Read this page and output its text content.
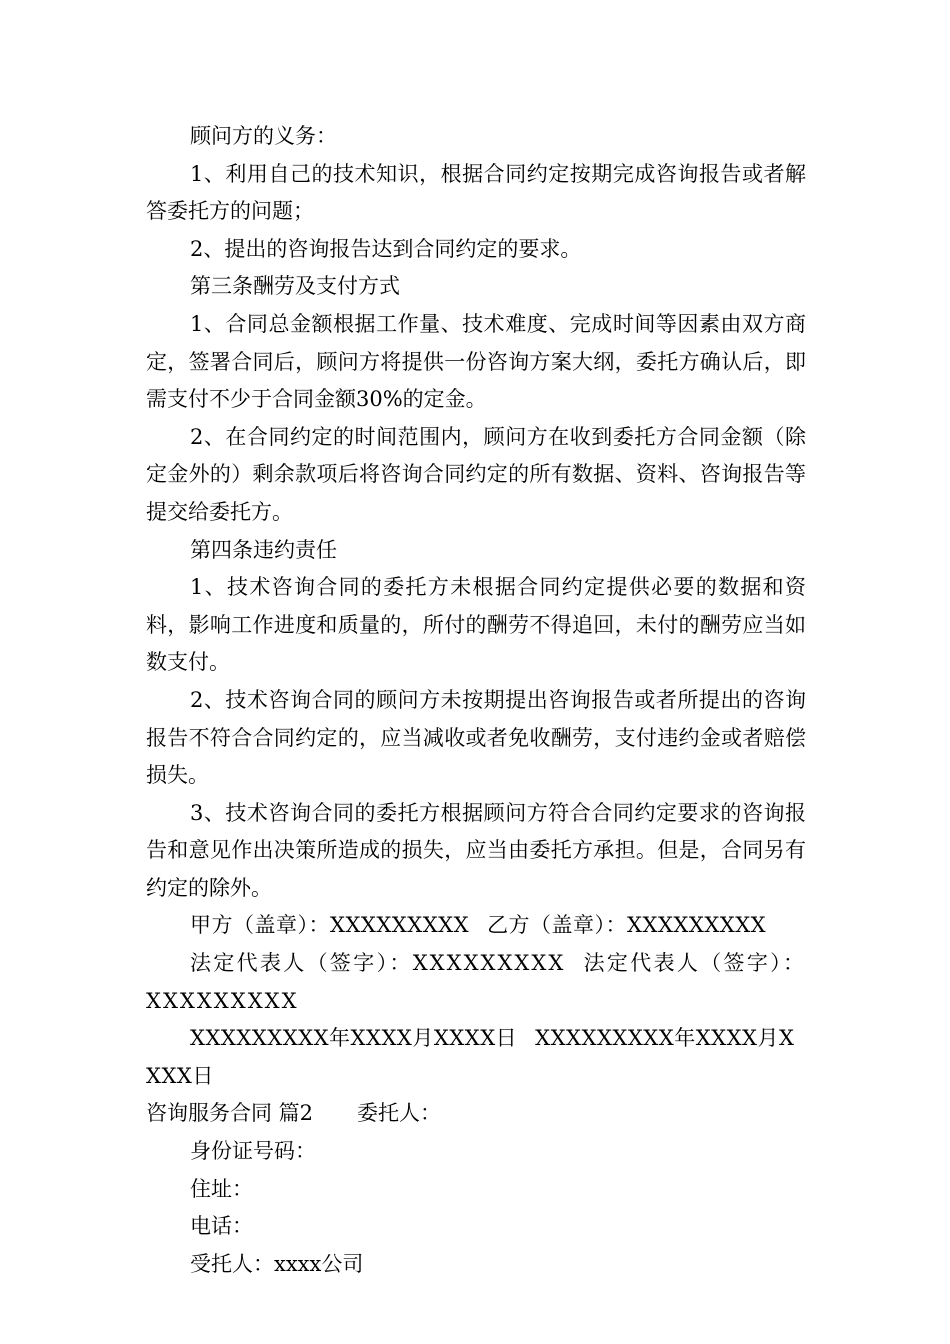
顾问方的义务：

1、利用自己的技术知识，根据合同约定按期完成咨询报告或者解答委托方的问题；

2、提出的咨询报告达到合同约定的要求。

第三条酬劳及支付方式

1、合同总金额根据工作量、技术难度、完成时间等因素由双方商定，签署合同后，顾问方将提供一份咨询方案大纲，委托方确认后，即需支付不少于合同金额30%的定金。

2、在合同约定的时间范围内，顾问方在收到委托方合同金额（除定金外的）剩余款项后将咨询合同约定的所有数据、资料、咨询报告等提交给委托方。

第四条违约责任

1、技术咨询合同的委托方未根据合同约定提供必要的数据和资料，影响工作进度和质量的，所付的酬劳不得追回，未付的酬劳应当如数支付。

2、技术咨询合同的顾问方未按期提出咨询报告或者所提出的咨询报告不符合合同约定的，应当减收或者免收酬劳，支付违约金或者赔偿损失。

3、技术咨询合同的委托方根据顾问方符合合同约定要求的咨询报告和意见作出决策所造成的损失，应当由委托方承担。但是，合同另有约定的除外。

甲方（盖章）：XXXXXXXXX 乙方（盖章）：XXXXXXXXX

法定代表人（签字）：XXXXXXXXX 法定代表人（签字）：XXXXXXXXX

XXXXXXXXX年XXXX月XXXX日 XXXXXXXXX年XXXX月XXXX日

咨询服务合同 篇2 委托人：

身份证号码：

住址：

电话：

受托人：xxxx公司
